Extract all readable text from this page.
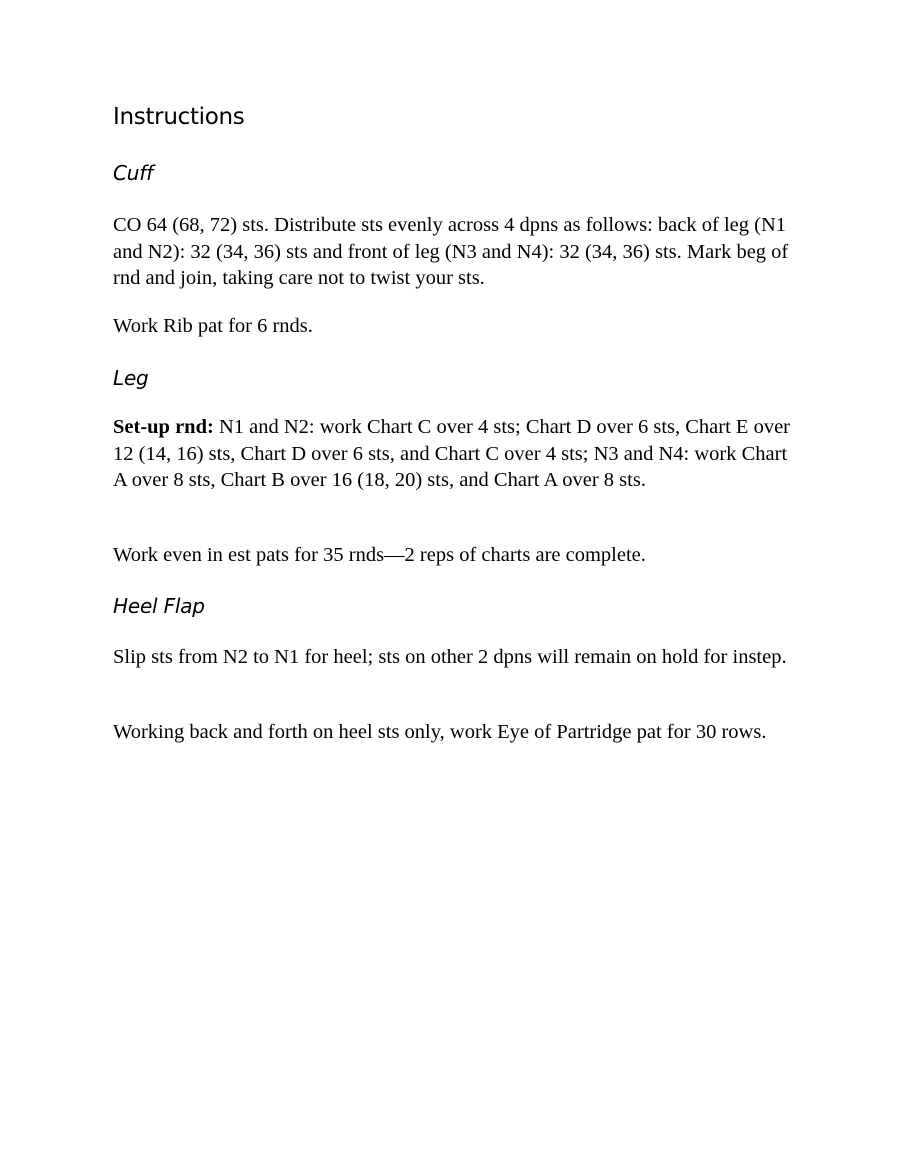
Instructions
Cuff

CO 64 (68, 72) sts. Distribute sts evenly across 4 dpns as follows: back of leg (N1 and N2): 32 (34, 36) sts and front of leg (N3 and N4): 32 (34, 36) sts. Mark beg of rnd and join, taking care not to twist your sts.

Work Rib pat for 6 rnds.

Leg

Set-up rnd: N1 and N2: work Chart C over 4 sts; Chart D over 6 sts, Chart E over 12 (14, 16) sts, Chart D over 6 sts, and Chart C over 4 sts; N3 and N4: work Chart A over 8 sts, Chart B over 16 (18, 20) sts, and Chart A over 8 sts.

Work even in est pats for 35 rnds—2 reps of charts are complete.

Heel Flap

Slip sts from N2 to N1 for heel; sts on other 2 dpns will remain on hold for instep.

Working back and forth on heel sts only, work Eye of Partridge pat for 30 rows.
